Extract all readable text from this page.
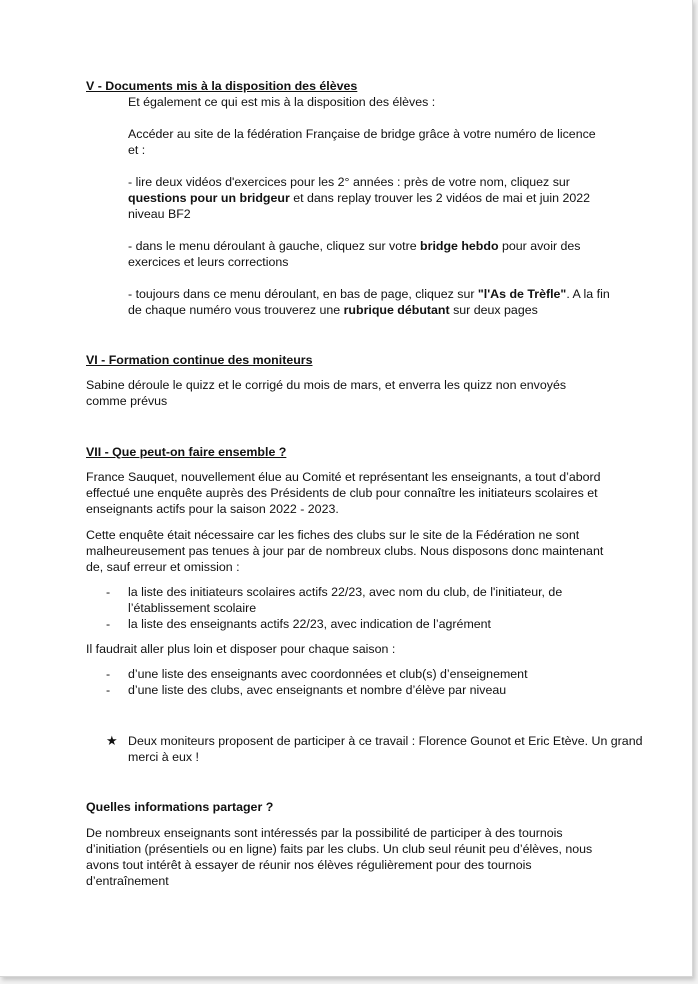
V - Documents mis à la disposition des élèves
Et également ce qui est mis à la disposition des élèves :
Accéder au site de la fédération Française de bridge grâce à votre numéro de licence et :
- lire deux vidéos d'exercices pour les 2° années : près de votre nom, cliquez sur questions pour un bridgeur et dans replay trouver les 2 vidéos de mai et juin 2022 niveau BF2
- dans le menu déroulant à gauche, cliquez sur votre bridge hebdo pour avoir des exercices et leurs corrections
- toujours dans ce menu déroulant, en bas de page, cliquez sur "l'As de Trèfle". A la fin de chaque numéro vous trouverez une rubrique débutant sur deux pages
VI - Formation continue des moniteurs
Sabine déroule le quizz et le corrigé du mois de mars, et enverra les quizz non envoyés comme prévus
VII - Que peut-on faire ensemble ?
France Sauquet, nouvellement élue au Comité et représentant les enseignants, a tout d’abord effectué une enquête auprès des Présidents de club pour connaître les initiateurs scolaires et enseignants actifs pour la saison 2022 - 2023.
Cette enquête était nécessaire car les fiches des clubs sur le site de la Fédération ne sont malheureusement pas tenues à jour par de nombreux clubs. Nous disposons donc maintenant de, sauf erreur et omission :
- la liste des initiateurs scolaires actifs 22/23, avec nom du club, de l'initiateur, de l’établissement scolaire
- la liste des enseignants actifs 22/23, avec indication de l’agrément
Il faudrait aller plus loin et disposer pour chaque saison :
- d’une liste des enseignants avec coordonnées et club(s) d’enseignement
- d’une liste des clubs, avec enseignants et nombre d’élève par niveau
★ Deux moniteurs proposent de participer à ce travail : Florence Gounot et Eric Etève. Un grand merci à eux !
Quelles informations partager ?
De nombreux enseignants sont intéressés par la possibilité de participer à des tournois d’initiation (présentiels ou en ligne) faits par les clubs. Un club seul réunit peu d’élèves, nous avons tout intérêt à essayer de réunir nos élèves régulièrement pour des tournois d’entraînement
